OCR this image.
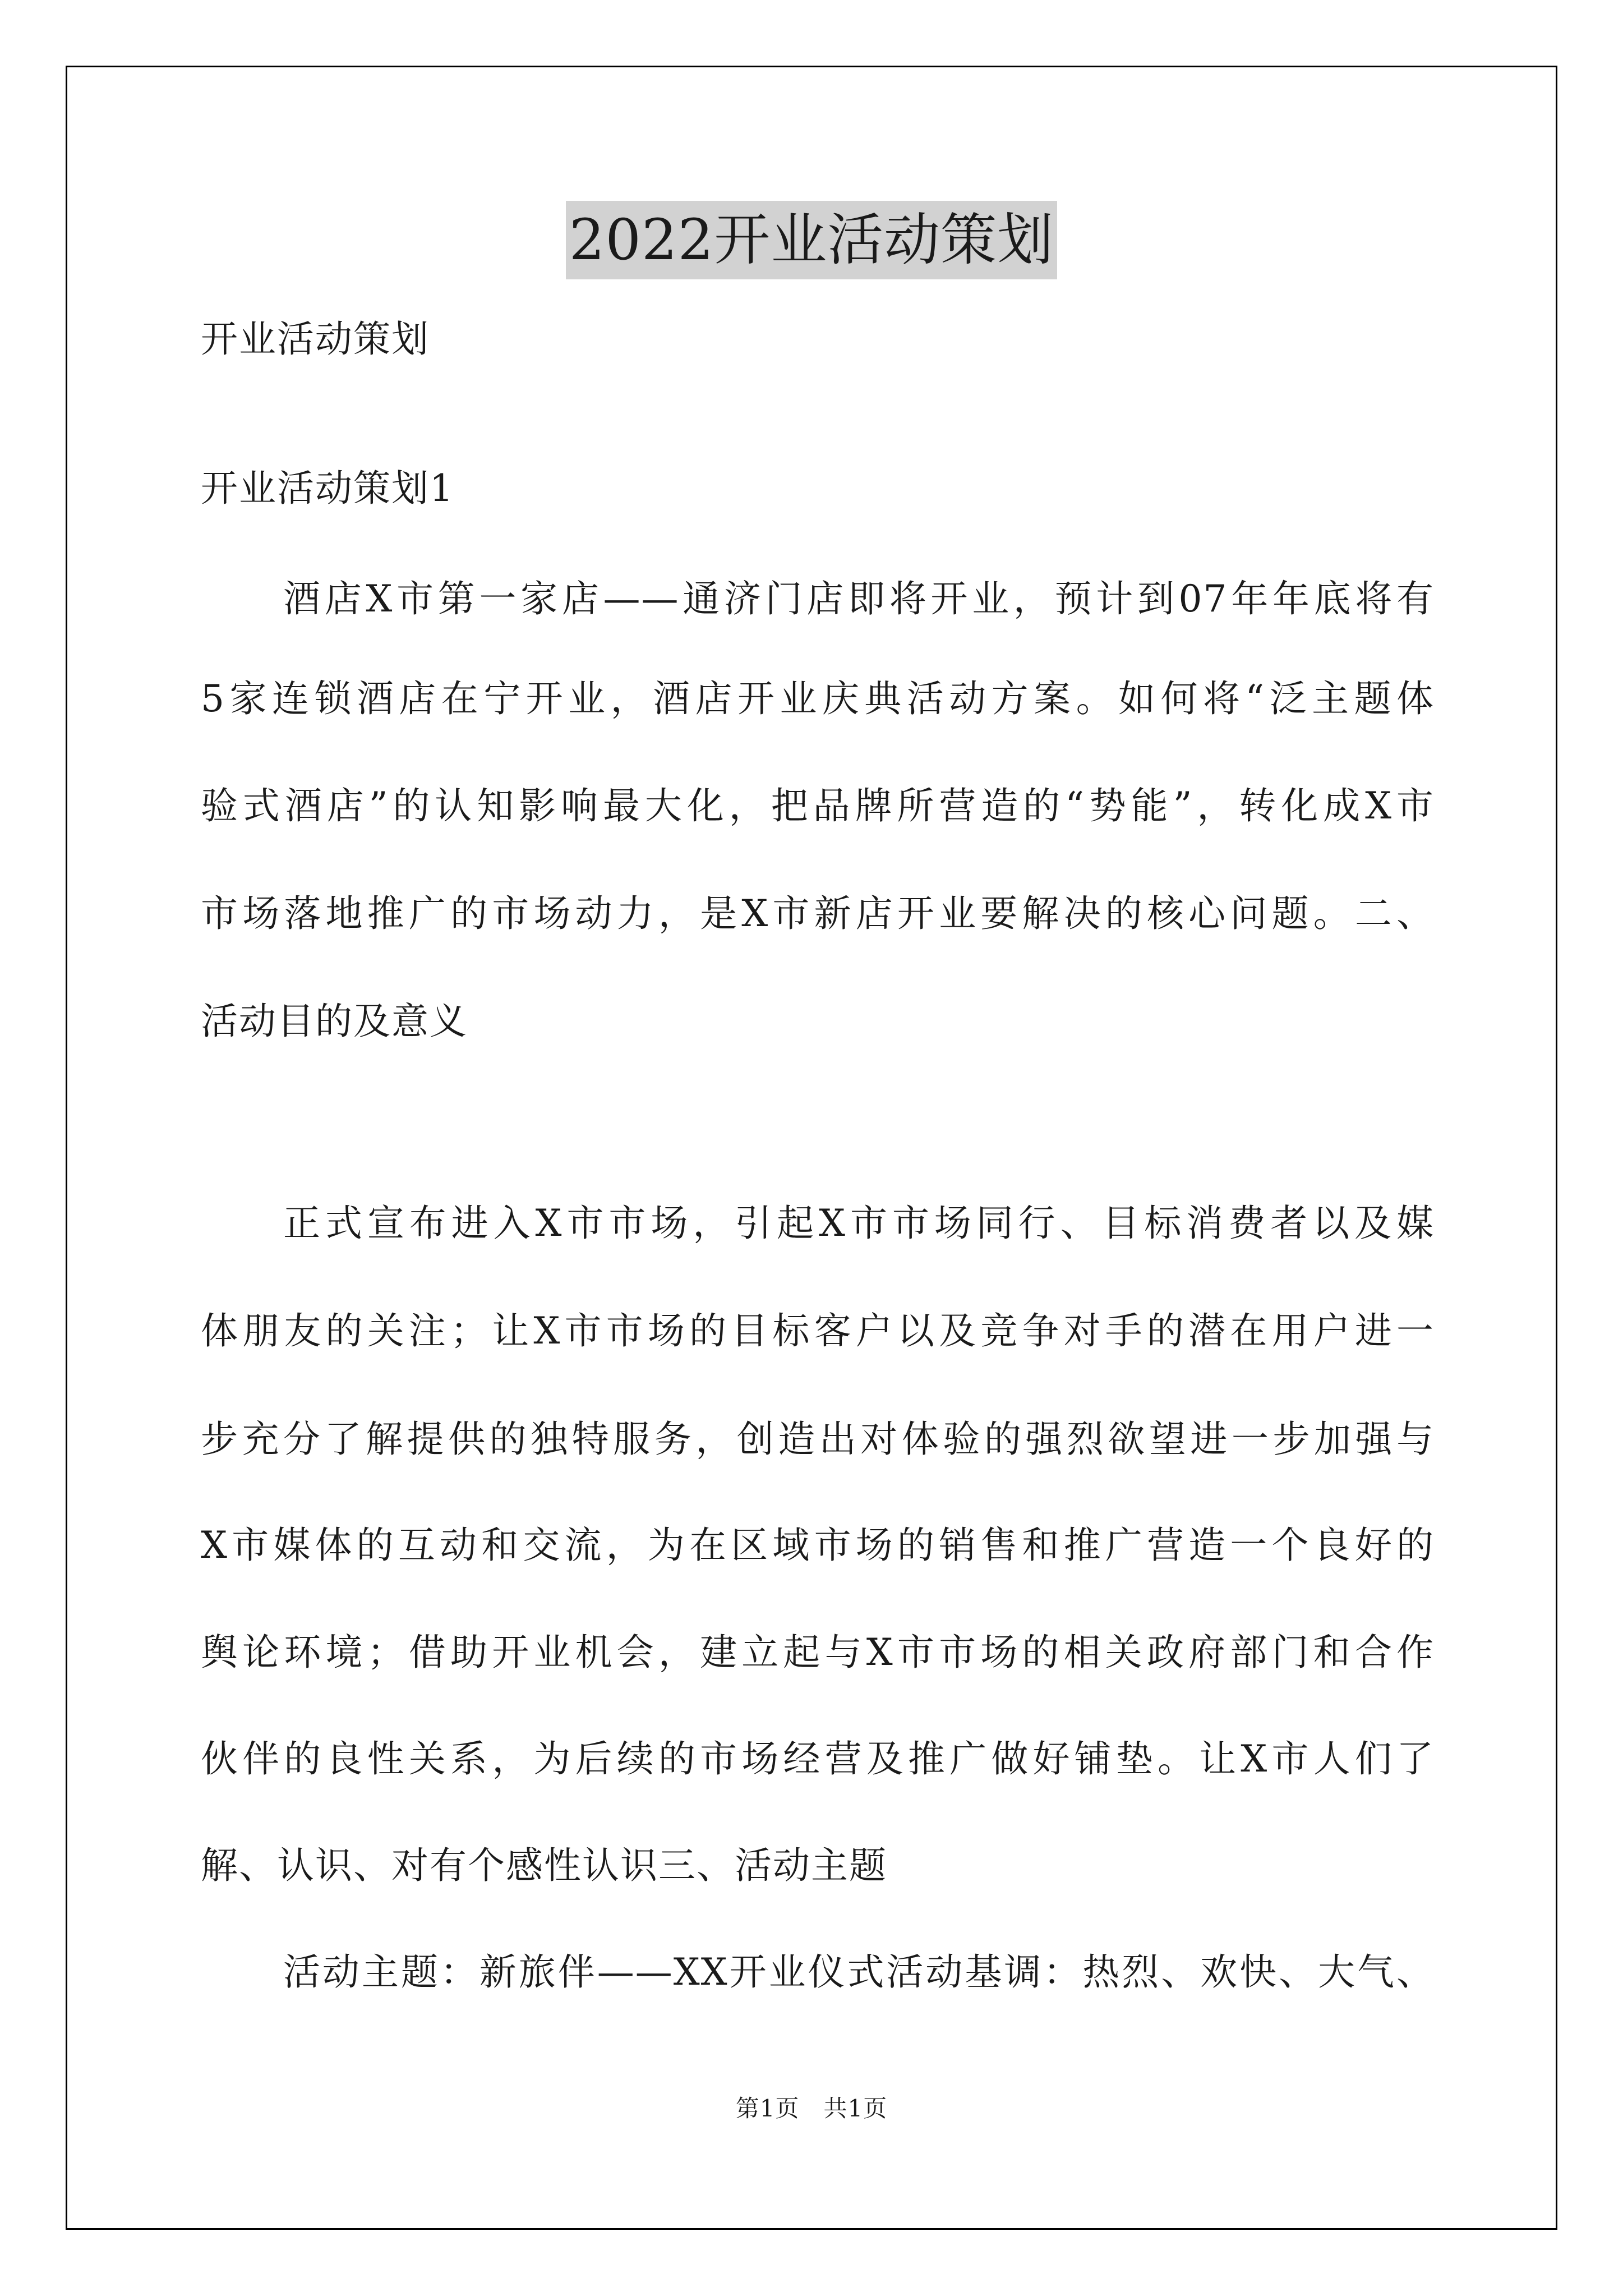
2022开业活动策划
开业活动策划
开业活动策划1
酒店X市第一家店——通济门店即将开业，预计到07年年底将有
5家连锁酒店在宁开业，酒店开业庆典活动方案。如何将“泛主题体
验式酒店”的认知影响最大化，把品牌所营造的“势能”，转化成X市
市场落地推广的市场动力，是X市新店开业要解决的核心问题。二、
活动目的及意义
正式宣布进入X市市场，引起X市市场同行、目标消费者以及媒
体朋友的关注；让X市市场的目标客户以及竞争对手的潜在用户进一
步充分了解提供的独特服务，创造出对体验的强烈欲望进一步加强与
X市媒体的互动和交流，为在区域市场的销售和推广营造一个良好的
舆论环境；借助开业机会，建立起与X市市场的相关政府部门和合作
伙伴的良性关系，为后续的市场经营及推广做好铺垫。让X市人们了
解、认识、对有个感性认识三、活动主题
活动主题：新旅伴——XX开业仪式活动基调：热烈、欢快、大气、
第1页　共1页
